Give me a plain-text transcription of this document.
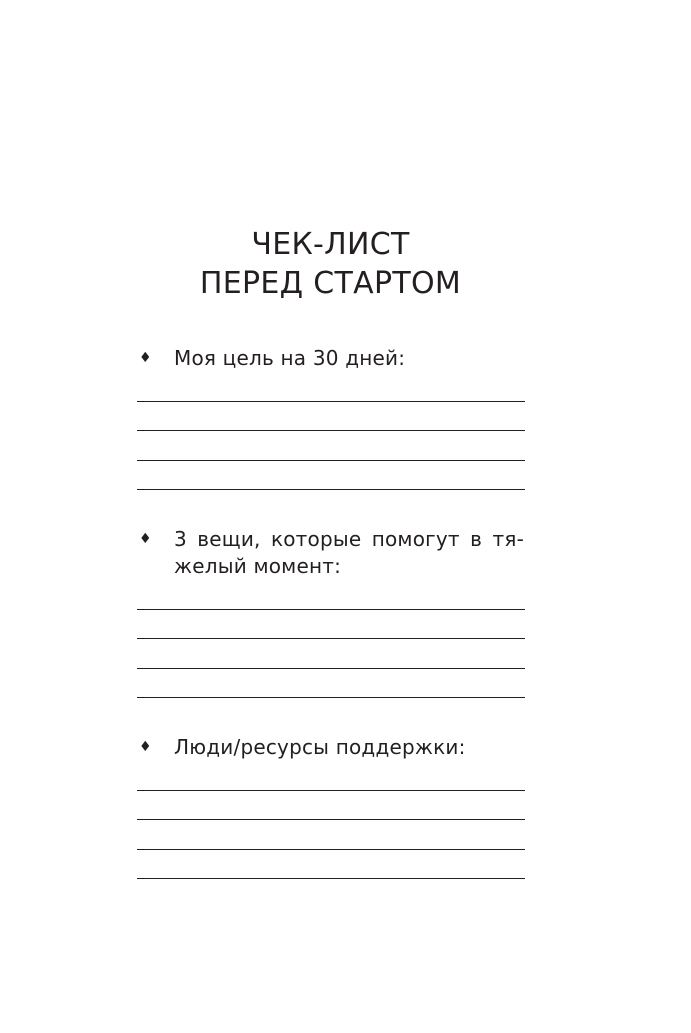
ЧЕК-ЛИСТ
ПЕРЕД СТАРТОМ
♦ Моя цель на 30 дней:
♦ 3 вещи, которые помогут в тя-
желый момент:
♦ Люди/ресурсы поддержки:
